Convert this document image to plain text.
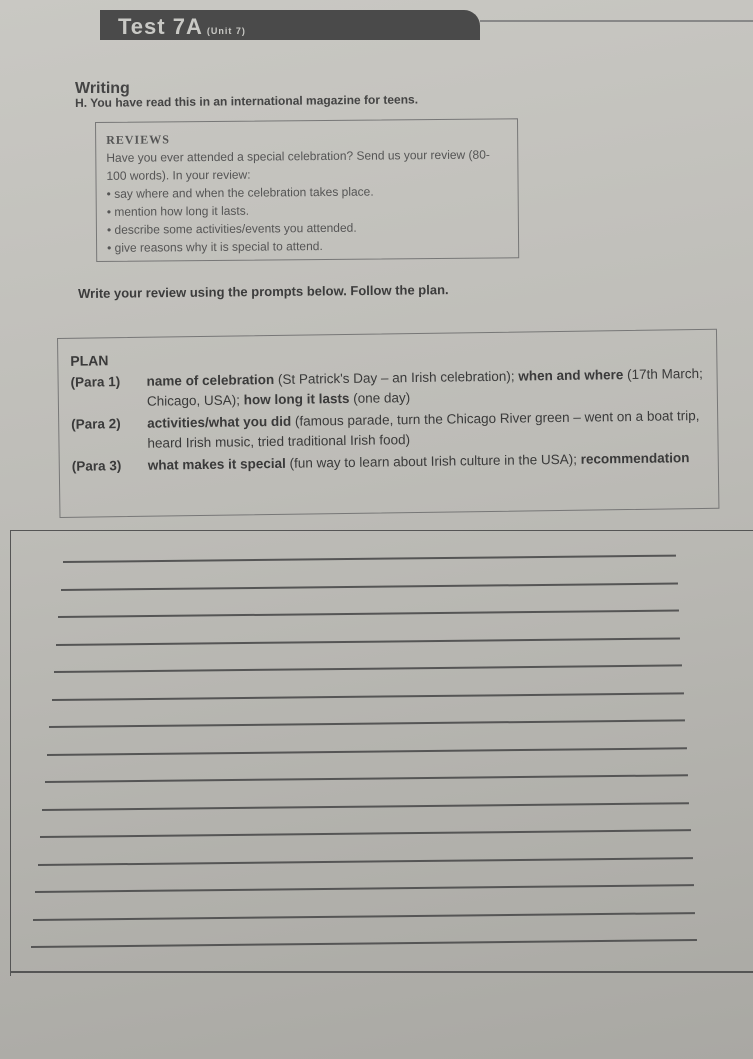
Test 7A (Unit 7)
Writing
H. You have read this in an international magazine for teens.
REVIEWS

Have you ever attended a special celebration? Send us your review (80-100 words). In your review:

• say where and when the celebration takes place.

• mention how long it lasts.

• describe some activities/events you attended.

• give reasons why it is special to attend.

Write your review using the prompts below. Follow the plan.
PLAN
(Para 1)	name of celebration (St Patrick's Day – an Irish celebration); when and where (17th March; Chicago, USA); how long it lasts (one day)
(Para 2)	activities/what you did (famous parade, turn the Chicago River green – went on a boat trip, heard Irish music, tried traditional Irish food)
(Para 3)	what makes it special (fun way to learn about Irish culture in the USA); recommendation
